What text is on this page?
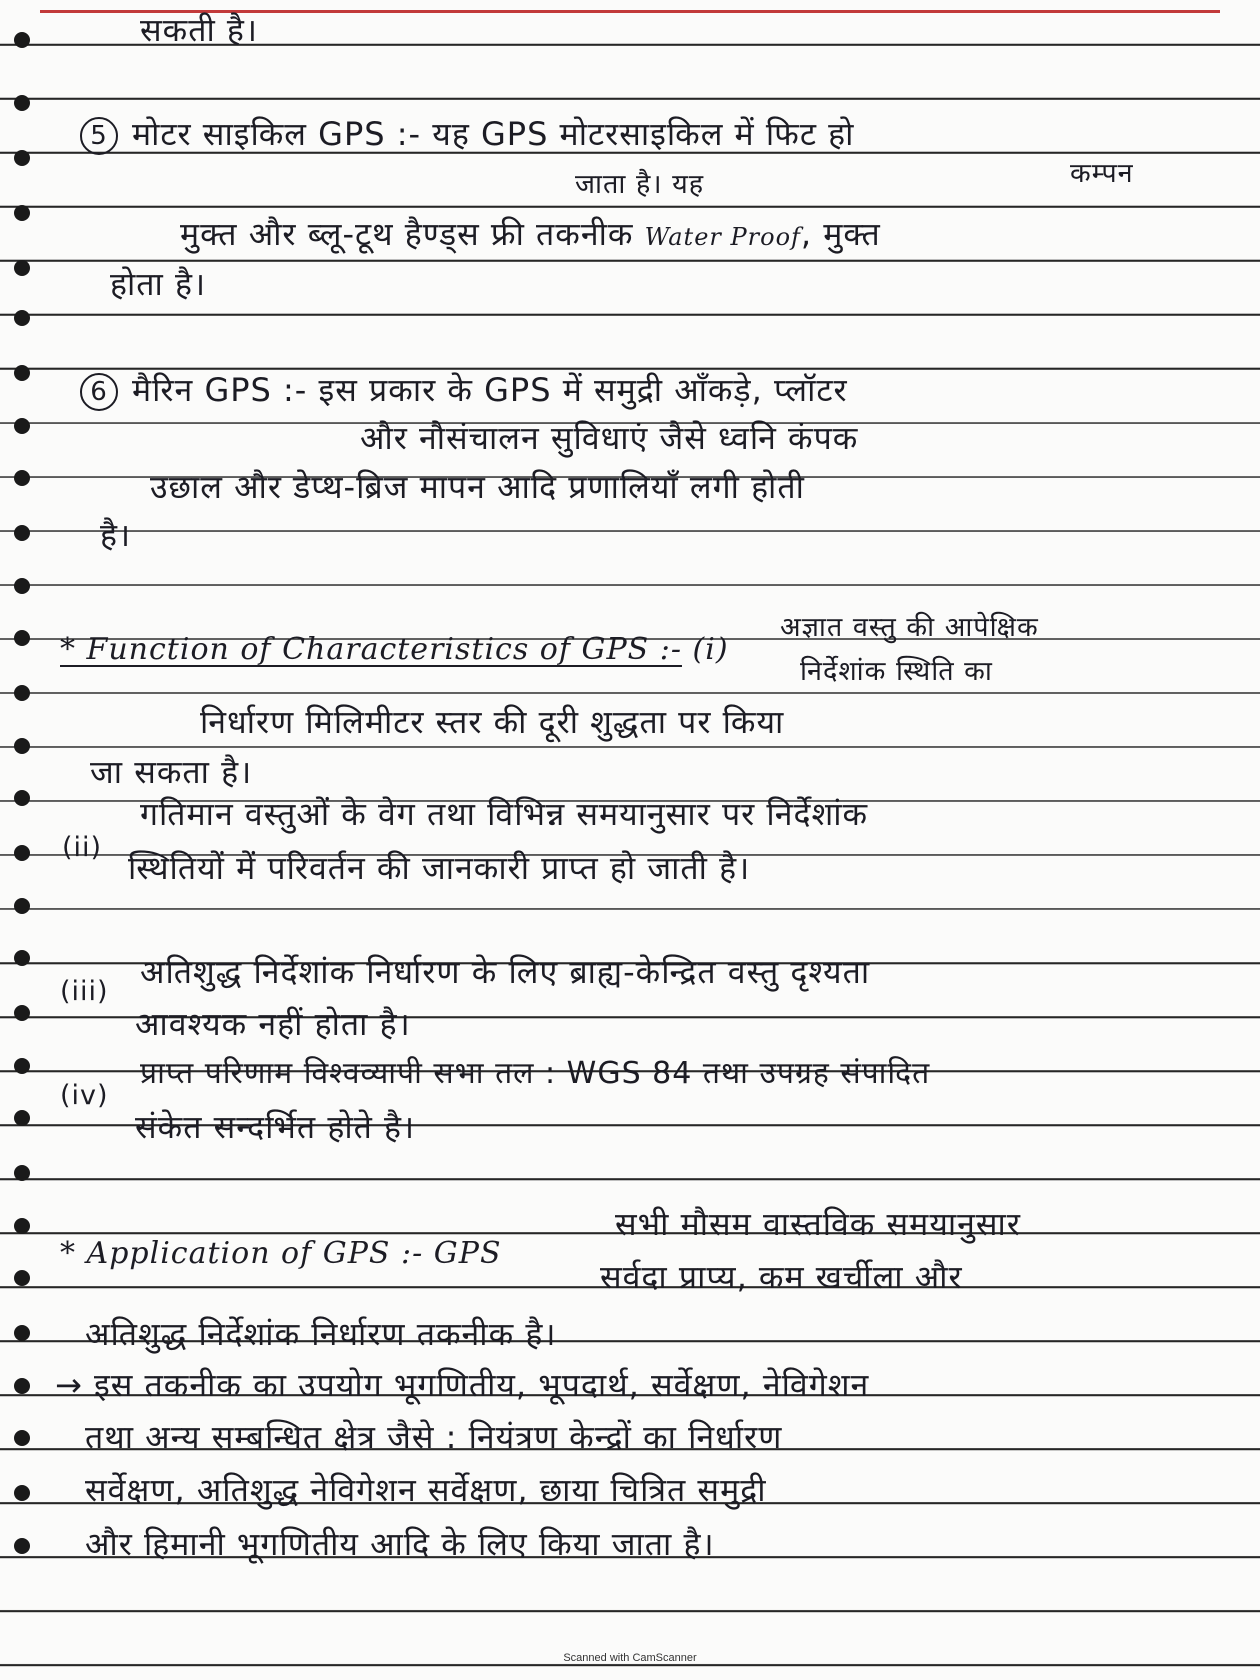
सकती है।
5 मोटर साइकिल GPS :- यह GPS मोटरसाइकिल में फिट हो
कम्पन
जाता है। यह
मुक्त और ब्लू-टूथ हैण्ड्स फ्री तकनीक Water Proof, मुक्त
होता है।
6 मैरिन GPS :- इस प्रकार के GPS में समुद्री आँकड़े, प्लॉटर
और नौसंचालन सुविधाएं जैसे ध्वनि कंपक
उछाल और डेप्थ-ब्रिज मापन आदि प्रणालियाँ लगी होती
है।
अज्ञात वस्तु की आपेक्षिक
* Function of Characteristics of GPS :- (i)
निर्देशांक स्थिति का
निर्धारण मिलिमीटर स्तर की दूरी शुद्धता पर किया
जा सकता है।
गतिमान वस्तुओं के वेग तथा विभिन्न समयानुसार पर निर्देशांक
(ii)
स्थितियों में परिवर्तन की जानकारी प्राप्त हो जाती है।
अतिशुद्ध निर्देशांक निर्धारण के लिए ब्राह्य-केन्द्रित वस्तु दृश्यता
(iii)
आवश्यक नहीं होता है।
प्राप्त परिणाम विश्वव्यापी सभा तल : WGS 84 तथा उपग्रह संपादित
(iv)
संकेत सन्दर्भित होते है।
सभी मौसम वास्तविक समयानुसार
* Application of GPS :- GPS
सर्वदा प्राप्य, कम खर्चीला और
अतिशुद्ध निर्देशांक निर्धारण तकनीक है।
→ इस तकनीक का उपयोग भूगणितीय, भूपदार्थ, सर्वेक्षण, नेविगेशन
तथा अन्य सम्बन्धित क्षेत्र जैसे : नियंत्रण केन्द्रों का निर्धारण
सर्वेक्षण, अतिशुद्ध नेविगेशन सर्वेक्षण, छाया चित्रित समुद्री
और हिमानी भूगणितीय आदि के लिए किया जाता है।
Scanned with CamScanner
